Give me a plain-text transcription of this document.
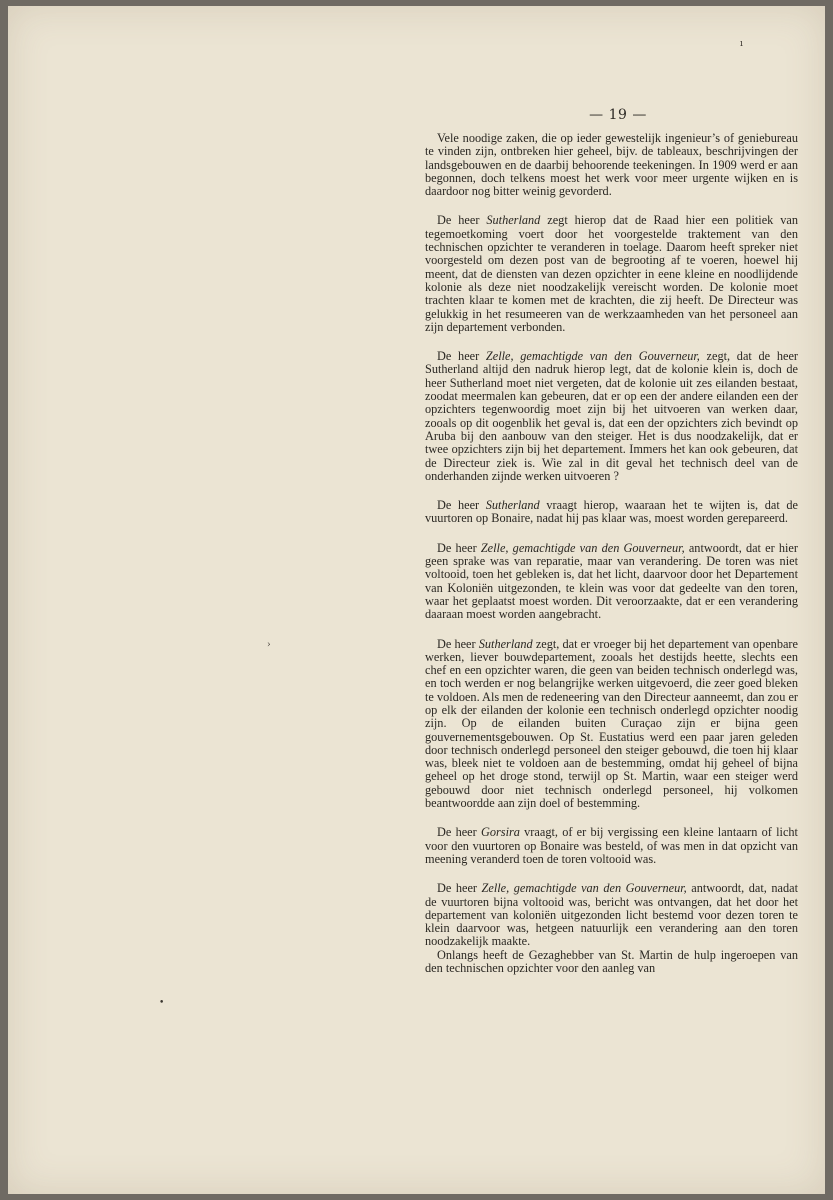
— 19 —
ı
›
•

Vele noodige zaken, die op ieder gewestelijk ingenieur’s of geniebureau te vinden zijn, ontbreken hier geheel, bijv. de tableaux, beschrijvingen der landsgebouwen en de daarbij behoorende teekeningen. In 1909 werd er aan begonnen, doch telkens moest het werk voor meer urgente wijken en is daardoor nog bitter weinig gevorderd.

De heer Sutherland zegt hierop dat de Raad hier een politiek van tegemoetkoming voert door het voorgestelde traktement van den technischen opzichter te veranderen in toelage. Daarom heeft spreker niet voorgesteld om dezen post van de begrooting af te voeren, hoewel hij meent, dat de diensten van dezen opzichter in eene kleine en noodlijdende kolonie als deze niet noodzakelijk vereischt worden. De kolonie moet trachten klaar te komen met de krachten, die zij heeft. De Directeur was gelukkig in het resumeeren van de werkzaamheden van het personeel aan zijn departement verbonden.

De heer Zelle, gemachtigde van den Gouverneur, zegt, dat de heer Sutherland altijd den nadruk hierop legt, dat de kolonie klein is, doch de heer Sutherland moet niet vergeten, dat de kolonie uit zes eilanden bestaat, zoodat meermalen kan gebeuren, dat er op een der andere eilanden een der opzichters tegenwoordig moet zijn bij het uitvoeren van werken daar, zooals op dit oogenblik het geval is, dat een der opzichters zich bevindt op Aruba bij den aanbouw van den steiger. Het is dus noodzakelijk, dat er twee opzichters zijn bij het departement. Immers het kan ook gebeuren, dat de Directeur ziek is. Wie zal in dit geval het technisch deel van de onderhanden zijnde werken uitvoeren ?

De heer Sutherland vraagt hierop, waaraan het te wijten is, dat de vuurtoren op Bonaire, nadat hij pas klaar was, moest worden gerepareerd.

De heer Zelle, gemachtigde van den Gouverneur, antwoordt, dat er hier geen sprake was van reparatie, maar van verandering. De toren was niet voltooid, toen het gebleken is, dat het licht, daarvoor door het Departement van Koloniën uitgezonden, te klein was voor dat gedeelte van den toren, waar het geplaatst moest worden. Dit veroorzaakte, dat er een verandering daaraan moest worden aangebracht.

De heer Sutherland zegt, dat er vroeger bij het departement van openbare werken, liever bouwdepartement, zooals het destijds heette, slechts een chef en een opzichter waren, die geen van beiden technisch onderlegd was, en toch werden er nog belangrijke werken uitgevoerd, die zeer goed bleken te voldoen. Als men de redeneering van den Directeur aanneemt, dan zou er op elk der eilanden der kolonie een technisch onderlegd opzichter noodig zijn. Op de eilanden buiten Curaçao zijn er bijna geen gouvernementsgebouwen. Op St. Eustatius werd een paar jaren geleden door technisch onderlegd personeel den steiger gebouwd, die toen hij klaar was, bleek niet te voldoen aan de bestemming, omdat hij geheel of bijna geheel op het droge stond, terwijl op St. Martin, waar een steiger werd gebouwd door niet technisch onderlegd personeel, hij volkomen beantwoordde aan zijn doel of bestemming.

De heer Gorsira vraagt, of er bij vergissing een kleine lantaarn of licht voor den vuurtoren op Bonaire was besteld, of was men in dat opzicht van meening veranderd toen de toren voltooid was.

De heer Zelle, gemachtigde van den Gouverneur, antwoordt, dat, nadat de vuurtoren bijna voltooid was, bericht was ontvangen, dat het door het departement van koloniën uitgezonden licht bestemd voor dezen toren te klein daarvoor was, hetgeen natuurlijk een verandering aan den toren noodzakelijk maakte.

Onlangs heeft de Gezaghebber van St. Martin de hulp ingeroepen van den technischen opzichter voor den aanleg van
